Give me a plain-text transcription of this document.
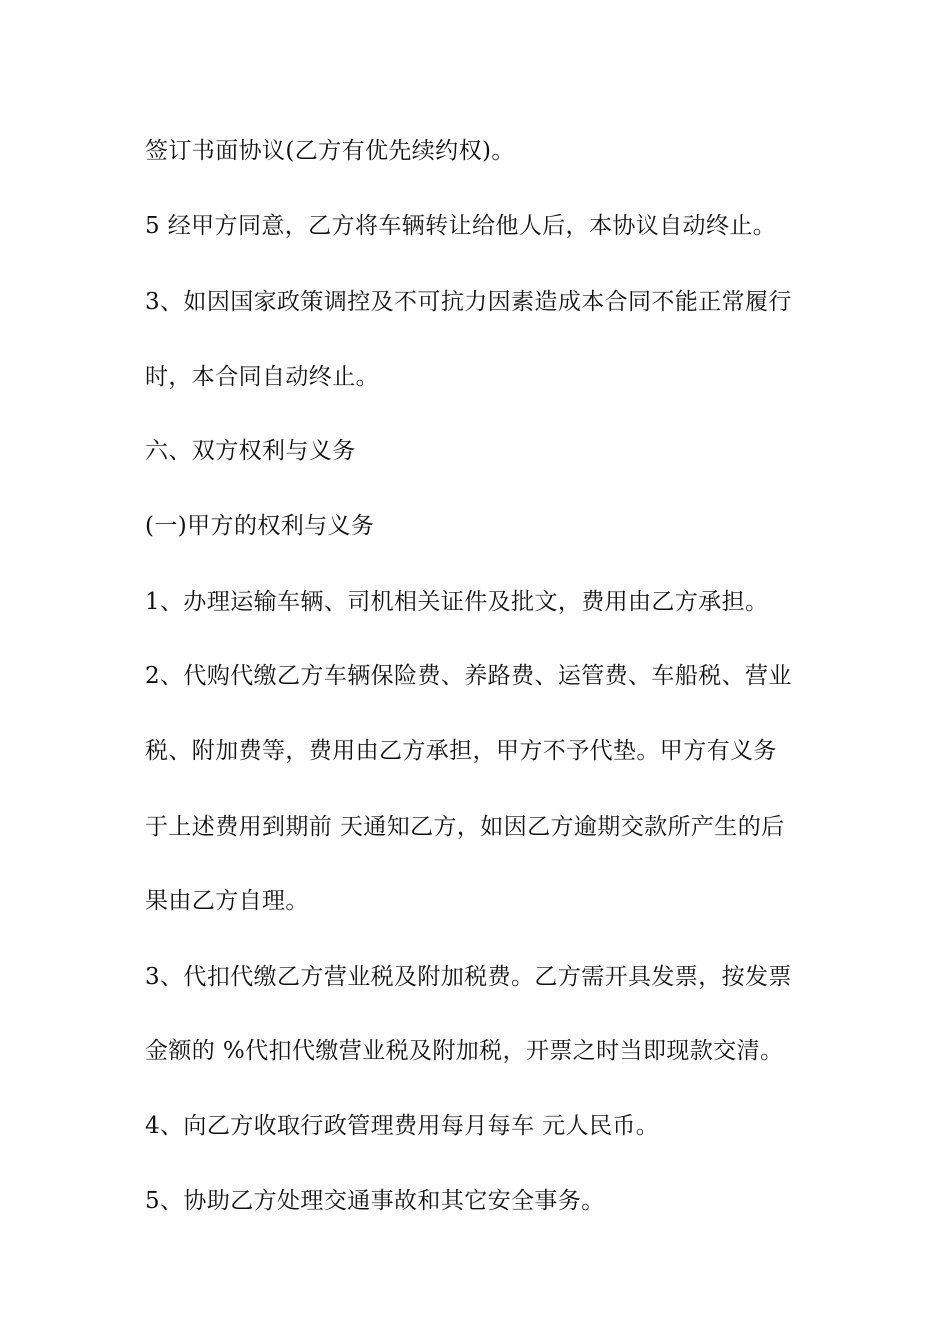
签订书面协议(乙方有优先续约权)。
5 经甲方同意，乙方将车辆转让给他人后，本协议自动终止。
3、如因国家政策调控及不可抗力因素造成本合同不能正常履行
时，本合同自动终止。
六、双方权利与义务
(一)甲方的权利与义务
1、办理运输车辆、司机相关证件及批文，费用由乙方承担。
2、代购代缴乙方车辆保险费、养路费、运管费、车船税、营业
税、附加费等，费用由乙方承担，甲方不予代垫。甲方有义务
于上述费用到期前 天通知乙方，如因乙方逾期交款所产生的后
果由乙方自理。
3、代扣代缴乙方营业税及附加税费。乙方需开具发票，按发票
金额的 %代扣代缴营业税及附加税，开票之时当即现款交清。
4、向乙方收取行政管理费用每月每车 元人民币。
5、协助乙方处理交通事故和其它安全事务。
